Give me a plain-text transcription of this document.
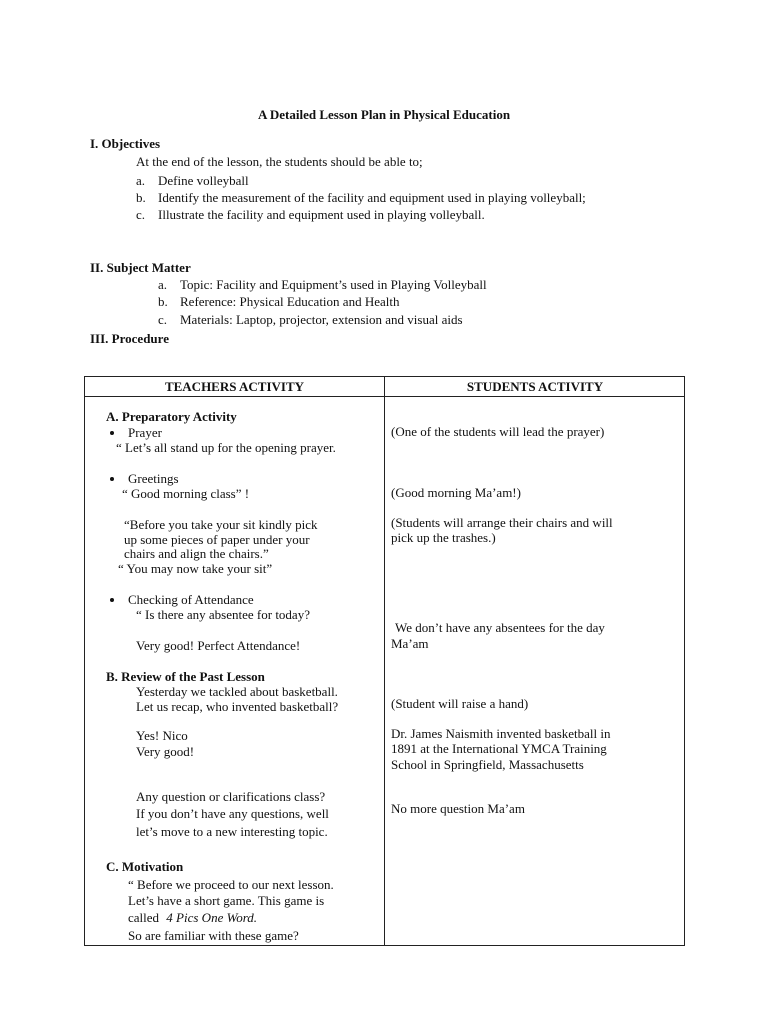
A Detailed Lesson Plan in Physical Education
I. Objectives
At the end of the lesson, the students should be able to;
a. Define volleyball
b. Identify the measurement of the facility and equipment used in playing volleyball;
c. Illustrate the facility and equipment used in playing volleyball.
II. Subject Matter
a. Topic: Facility and Equipment’s used in Playing Volleyball
b. Reference: Physical Education and Health
c. Materials: Laptop, projector, extension and visual aids
III. Procedure
TEACHERS ACTIVITY	STUDENTS ACTIVITY
A. Preparatory Activity
Prayer
“ Let’s all stand up for the opening prayer.
Greetings
“ Good morning class” !
“Before you take your sit kindly pick
up some pieces of paper under your
chairs and align the chairs.”
“ You may now take your sit”
Checking of Attendance
“ Is there any absentee for today?
Very good! Perfect Attendance!
B. Review of the Past Lesson
Yesterday we tackled about basketball.
Let us recap, who invented basketball?
Yes! Nico
Very good!
Any question or clarifications class?
If you don’t have any questions, well
let’s move to a new interesting topic.
C. Motivation
“ Before we proceed to our next lesson.
Let’s have a short game. This game is
called 4 Pics One Word.
So are familiar with these game?
(One of the students will lead the prayer)
(Good morning Ma’am!)
(Students will arrange their chairs and will
pick up the trashes.)
We don’t have any absentees for the day
Ma’am
(Student will raise a hand)
Dr. James Naismith invented basketball in
1891 at the International YMCA Training
School in Springfield, Massachusetts
No more question Ma’am
